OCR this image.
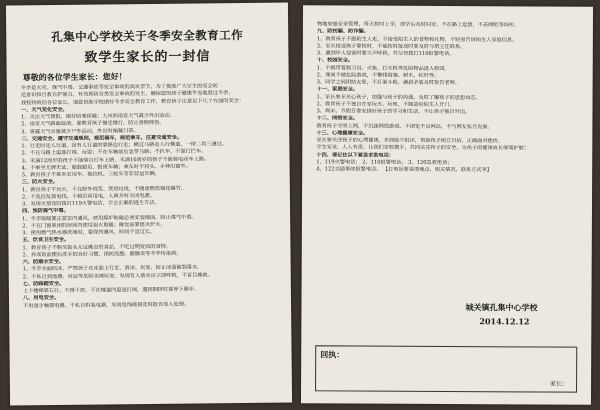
孔集中心学校关于冬季安全教育工作
致学生家长的一封信
尊敬的各位学生家长：您好！
冬季是火灾、煤气中毒、交通事故等安全事故的高发季节，为了提高广大学生的安全防
范意识和自救自护能力，有效预防各类安全事故的发生，确保您的孩子健康平安地度过冬季，
我校特致信各位家长，请您协助学校做好冬季安全教育工作，教育孩子注意以下几个方面的安全：
一、天气变化安全。
1、关注天气预报，做好防寒保暖；大风和雨雪天气减少外出活动。
2、雨雪天气路面湿滑，要教育孩子慢走慢行，防止滑倒摔伤。
3、雾霾天气尽量减少户外活动，外出时佩戴口罩。
二、交通安全。遵守交通规则，规范骑车，规范乘车，注意交通安全。
1、行走时走人行道，没有人行道的靠路边行走；横过马路走人行横道，一停二看三通过。
2、不在马路上追逐打闹、玩耍；不在车辆前后急穿马路；不扒车、不强行拦车。
3、未满12周岁的孩子不能骑自行车上路，未满16周岁的孩子不能骑电动车上路。
4、不乘坐无牌无证、超载超员、报废车辆；乘车时不将头、手伸出窗外。
5、教育孩子不乘坐农用车、拖拉机、三轮车等非营运车辆。
三、防火安全。
1、教育孩子不玩火，不在野外烧荒、焚烧垃圾，不随意燃放烟花爆竹。
2、不乱拉乱接电线，不超负荷用电，人离开时关闭电源。
3、发现火情及时拨打119火警电话，学会正确的逃生方法。
四、预防煤气中毒。
1、冬季取暖要注意室内通风，使用煤炉取暖必须安装烟囱，防止煤气中毒。
2、不在门窗紧闭的房间内使用炭火取暖；睡觉前要熄灭炉火。
3、使用燃气热水器洗澡时，要保持通风，时间不宜过长。
五、饮食卫生安全。
1、教育孩子不购买街头无证摊点的食品，不吃过期变质的食物。
2、养成饭前便后洗手的良好习惯，预防流感、腮腺炎等冬季传染病。
六、防溺水安全。
1、冬季水面结冰，严禁孩子在冰面上行走、滑冰、玩耍，防止冰面破裂落水。
2、不私自到池塘、河边等危险水域玩耍，发现有人落水应立即呼救，不盲目施救。
七、防踩踏安全。
上下楼梯靠右行，不推不挤，不在楼道内追逐打闹，遇到拥挤时要停下脚步。
八、用电安全。
不用湿手触摸电器，不私自拆装电器，发现电线破损及时报告成人处理。
物地加强安全管理，每天按时上学，放学后及时回家，不在路上逗留，不去网吧等场所。
九、防拐骗、防诈骗。
1、教育孩子不跟陌生人走，不接受陌生人的食物和礼物，不轻易告诉陌生人家庭信息。
2、家长接送孩子要按时，不能按时接送时要及时与班主任联系。
3、遇到坏人侵害时要大声呼救，并尽快拨打110报警电话。
十、校园安全。
1、不携带管制刀具、火柴、打火机等危险物品进入校园。
2、课间不做危险游戏，不攀爬围墙、树木、栏杆等。
3、同学之间团结友爱，不打架斗殴，遇到矛盾及时报告老师。
十一、家庭安全。
1、家长要多关心孩子，加强与孩子的沟通，及时了解孩子的思想动态。
2、教育孩子不独自在家玩火、玩电，不随意给陌生人开门。
3、周末、节假日要安排好孩子的学习和生活，不让孩子独自外出。
十二、网络安全。
教育孩子文明上网，不沉迷网络游戏，不浏览不良网站，不与网友私自见面。
十三、心理健康安全。
家长要关注孩子的心理健康，多鼓励少批评，帮助孩子树立自信，正确面对挫折。
学生安全，人人有责。让我们家校携手，共同关注孩子的安全，为孩子的健康成长保驾护航！
十四、请记住以下紧急求助电话：
1、119火警电话； 2、110报警电话； 3、120急救电话；
4、122交通事故报警电话。 【打电话要说清地点、相关情况、联系方式等】
城关镇孔集中心学校
2014.12.12
回执：
家长：
